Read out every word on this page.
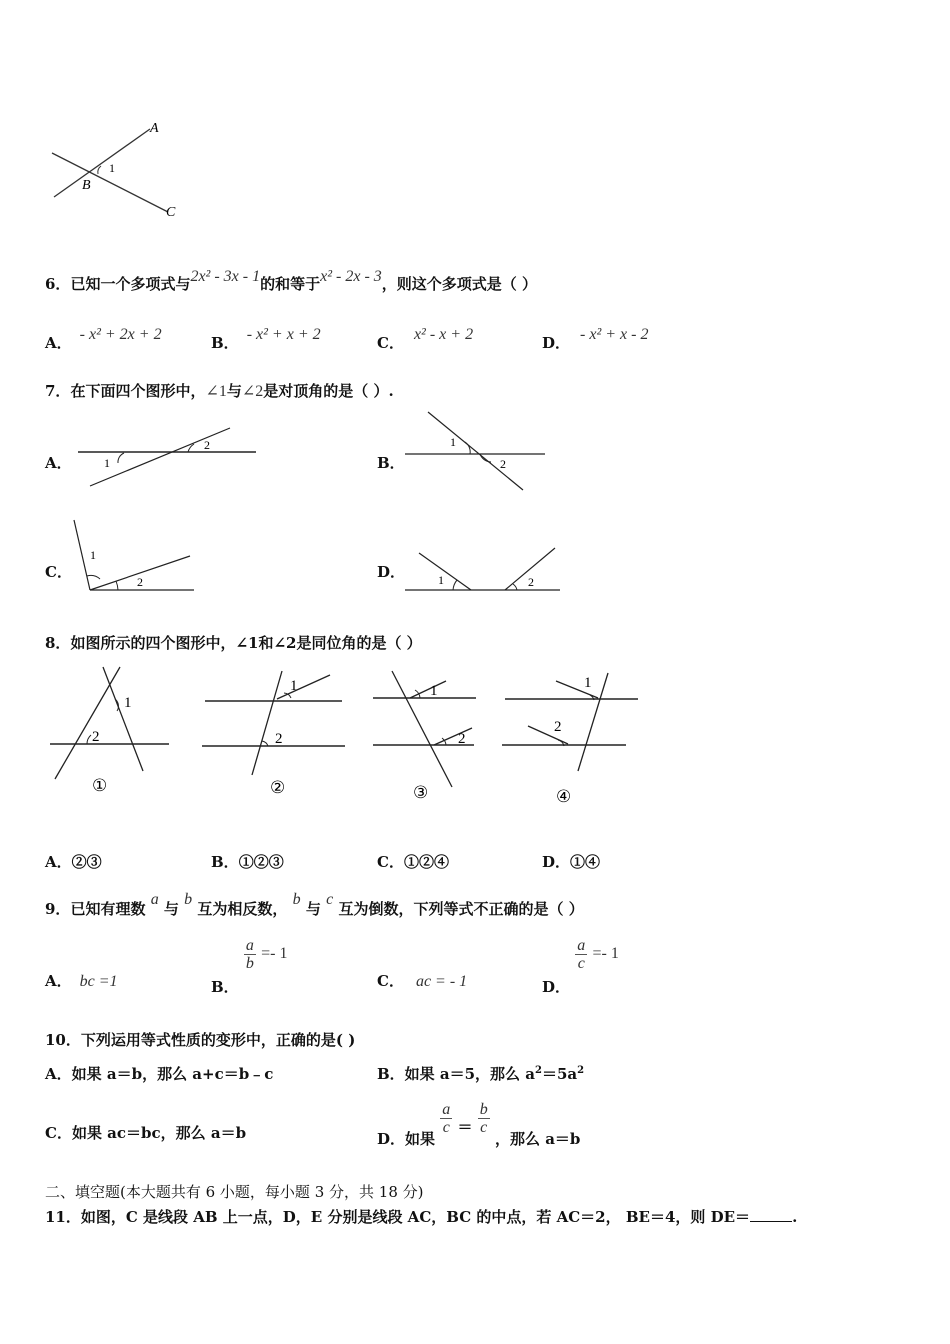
A
B
C
1
6．已知一个多项式与2x² - 3x - 1的和等于x² - 2x - 3，则这个多项式是（ ）
A． - x² + 2x + 2	B． - x² + x + 2	C． x² - x + 2	D． - x² + x - 2
7．在下面四个图形中，∠1与∠2是对顶角的是（ ）.
A．	1
2
B．
1
2
C．
1
2
D．	1	2
8．如图所示的四个图形中，∠1和∠2是同位角的是（ ）
1
2
①
1
2
②
1
2
③
1
2
④
A．②③	B．①②③	C．①②④	D．①④
9．已知有理数 a 与 b 互为相反数， b 与 c 互为倒数，下列等式不正确的是（ ）
A． bc =1	B．
$\frac{a}{b} =- 1$
C． ac = - 1	D．
$\frac{a}{c} =- 1$
10．下列运用等式性质的变形中，正确的是( )
A．如果 a＝b，那么 a+c＝b﹣c	B．如果 a＝5，那么 $a^2=5a^2$
C．如果 ac＝bc，那么 a＝b	D．如果
$\frac{a}{c} = \frac{b}{c}$
，那么 a＝b
二、填空题(本大题共有 6 小题，每小题 3 分，共 18 分)
11．如图，C 是线段 AB 上一点，D，E 分别是线段 AC，BC 的中点，若 AC＝2， BE＝4，则 DE＝	.
